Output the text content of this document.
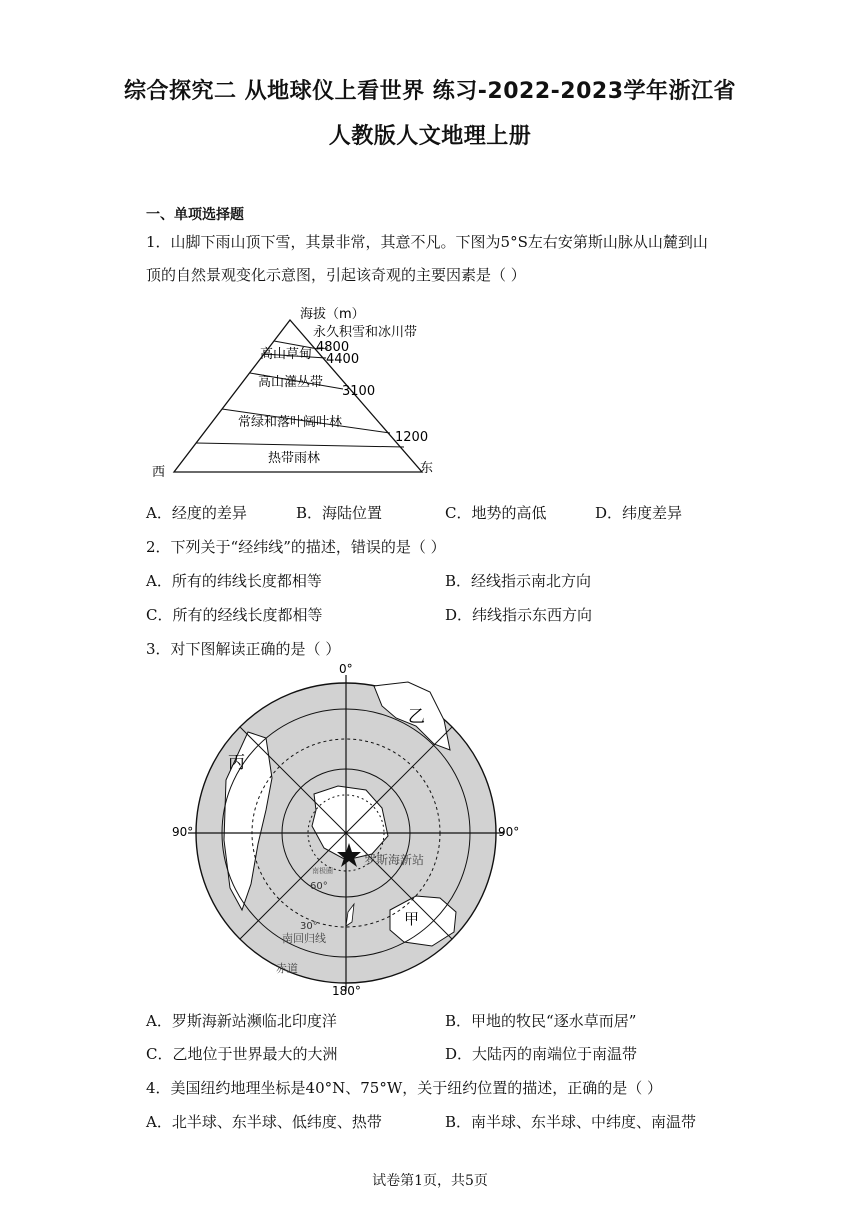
综合探究二 从地球仪上看世界 练习-2022-2023学年浙江省
人教版人文地理上册
一、单项选择题
1．山脚下雨山顶下雪，其景非常，其意不凡。下图为5°S左右安第斯山脉从山麓到山
顶的自然景观变化示意图，引起该奇观的主要因素是（ ）
海拔（m）
永久积雪和冰川带
高山草甸
高山灌丛带
常绿和落叶阔叶林
热带雨林
4800
4400
3100
1200
西	东
A．经度的差异	B．海陆位置	C．地势的高低	D．纬度差异
2．下列关于“经纬线”的描述，错误的是（ ）
A．所有的纬线长度都相等	B．经线指示南北方向
C．所有的经线长度都相等	D．纬线指示东西方向
3．对下图解读正确的是（ ）
0°
90°	90°
180°
罗斯海新站
甲
乙
丙
60°
30°
南回归线
赤道
南极圈
A．罗斯海新站濒临北印度洋	B．甲地的牧民“逐水草而居”
C．乙地位于世界最大的大洲	D．大陆丙的南端位于南温带
4．美国纽约地理坐标是40°N、75°W，关于纽约位置的描述，正确的是（ ）
A．北半球、东半球、低纬度、热带	B．南半球、东半球、中纬度、南温带
试卷第1页，共5页
